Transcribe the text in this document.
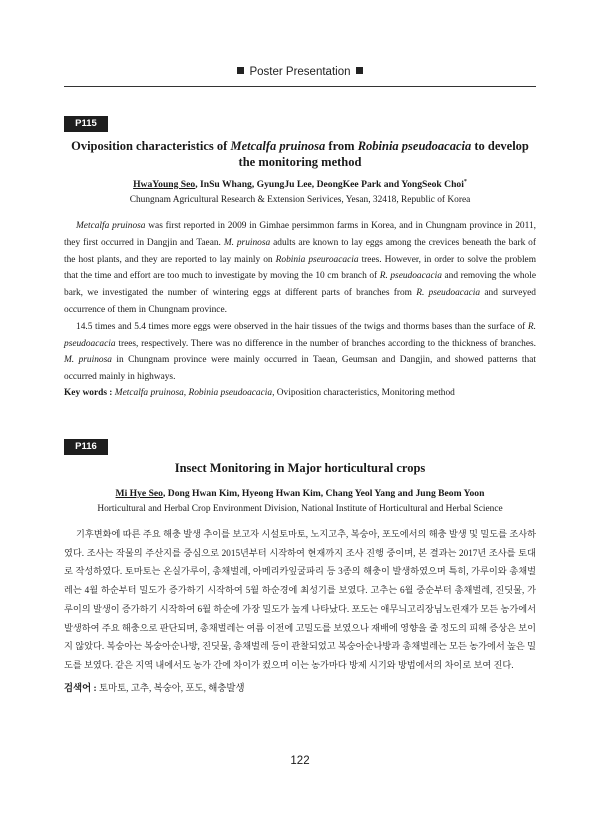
Poster Presentation
P115
Oviposition characteristics of Metcalfa pruinosa from Robinia pseudoacacia to develop the monitoring method
HwaYoung Seo, InSu Whang, GyungJu Lee, DeongKee Park and YongSeok Choi*
Chungnam Agricultural Research & Extension Serivices, Yesan, 32418, Republic of Korea

Metcalfa pruinosa was first reported in 2009 in Gimhae persimmon farms in Korea, and in Chungnam province in 2011, they first occurred in Dangjin and Taean. M. pruinosa adults are known to lay eggs among the crevices beneath the bark of the host plants, and they are reported to lay mainly on Robinia pseuroacacia trees. However, in order to solve the problem that the time and effort are too much to investigate by moving the 10 cm branch of R. pseudoacacia and removing the whole bark, we investigated the number of wintering eggs at different parts of branches from R. pseudoacacia and surveyed occurrence of them in Chungnam province.

14.5 times and 5.4 times more eggs were observed in the hair tissues of the twigs and thorms bases than the surface of R. pseudoacacia trees, respectively. There was no difference in the number of branches according to the thickness of branches. M. pruinosa in Chungnam province were mainly occurred in Taean, Geumsan and Dangjin, and showed patterns that occurred mainly in highways.

Key words : Metcalfa pruinosa, Robinia pseudoacacia, Oviposition characteristics, Monitoring method
P116
Insect Monitoring in Major horticultural crops
Mi Hye Seo, Dong Hwan Kim, Hyeong Hwan Kim, Chang Yeol Yang and Jung Beom Yoon
Horticultural and Herbal Crop Environment Division, National Institute of Horticultural and Herbal Science

기후변화에 따른 주요 해충 발생 추이를 보고자 시설토마토, 노지고추, 복숭아, 포도에서의 해충 발생 및 밀도를 조사하였다. 조사는 작물의 주산지를 중심으로 2015년부터 시작하여 현재까지 조사 진행 중이며, 본 결과는 2017년 조사를 토대로 작성하였다. 토마토는 온실가루이, 총채벌레, 아메리카잎굴파리 등 3종의 해충이 발생하였으며 특히, 가루이와 총채벌레는 4월 하순부터 밀도가 증가하기 시작하여 5월 하순경에 최성기를 보였다. 고추는 6월 중순부터 총채벌레, 진딧물, 가루이의 발생이 증가하기 시작하여 6월 하순에 가장 밀도가 높게 나타났다. 포도는 애무늬고리장님노린재가 모든 농가에서 발생하여 주요 해충으로 판단되며, 총채벌레는 여름 이전에 고밀도를 보였으나 재배에 영향을 줄 정도의 피해 증상은 보이지 않았다. 복숭아는 복숭아순나방, 진딧물, 총채벌레 등이 관찰되었고 복숭아순나방과 총채벌레는 모든 농가에서 높은 밀도를 보였다. 같은 지역 내에서도 농가 간에 차이가 컸으며 이는 농가마다 방제 시기와 방법에서의 차이로 보여 진다.

검색어 : 토마토, 고추, 복숭아, 포도, 해충발생
122
